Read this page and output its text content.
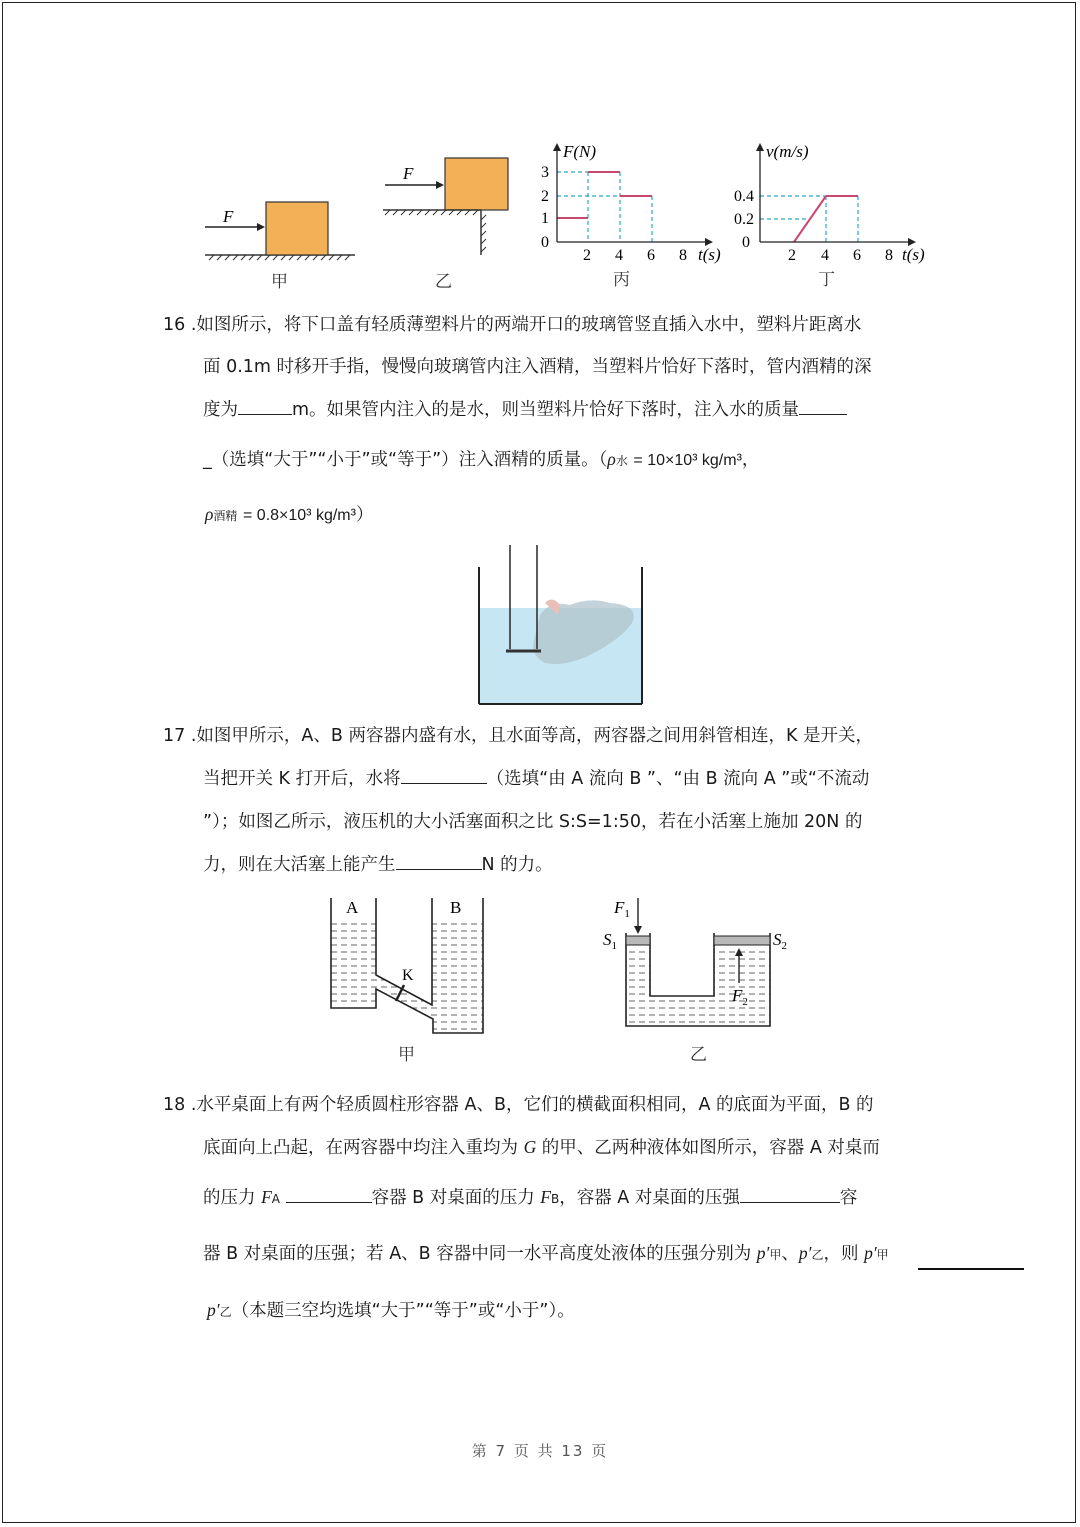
F
甲
F
乙
F(N)
3
2
1
0
2 4 6 8 t(s)
丙
v(m/s)
0.4
0.2
0
2 4 6 8 t(s)
丁
16 .如图所示，将下口盖有轻质薄塑料片的两端开口的玻璃管竖直插入水中，塑料片距离水
面 0.1m 时移开手指，慢慢向玻璃管内注入酒精，当塑料片恰好下落时，管内酒精的深
度为	m。如果管内注入的是水，则当塑料片恰好下落时，注入水的质量
_（选填“大于”“小于”或“等于”）注入酒精的质量。（ρ水 = 10×10³ kg/m³，
ρ酒精 = 0.8×10³ kg/m³）
17 .如图甲所示，A、B 两容器内盛有水，且水面等高，两容器之间用斜管相连，K 是开关，
当把开关 K 打开后，水将	（选填“由 A 流向 B ”、“由 B 流向 A ”或“不流动
”）；如图乙所示，液压机的大小活塞面积之比 S:S=1:50，若在小活塞上施加 20N 的
力，则在大活塞上能产生	N 的力。
A	B
K
甲
$F_1$
$S_1$	$S_2$
$F_2$
乙
18 .水平桌面上有两个轻质圆柱形容器 A、B，它们的横截面积相同，A 的底面为平面，B 的
底面向上凸起，在两容器中均注入重均为 G 的甲、乙两种液体如图所示，容器 A 对桌而
的压力 FA	容器 B 对桌面的压力 FB，容器 A 对桌面的压强	容
器 B 对桌面的压强；若 A、B 容器中同一水平高度处液体的压强分别为 p′甲、p′乙，则 p′甲
p′乙（本题三空均选填“大于”“等于”或“小于”）。
第 7 页 共 13 页
